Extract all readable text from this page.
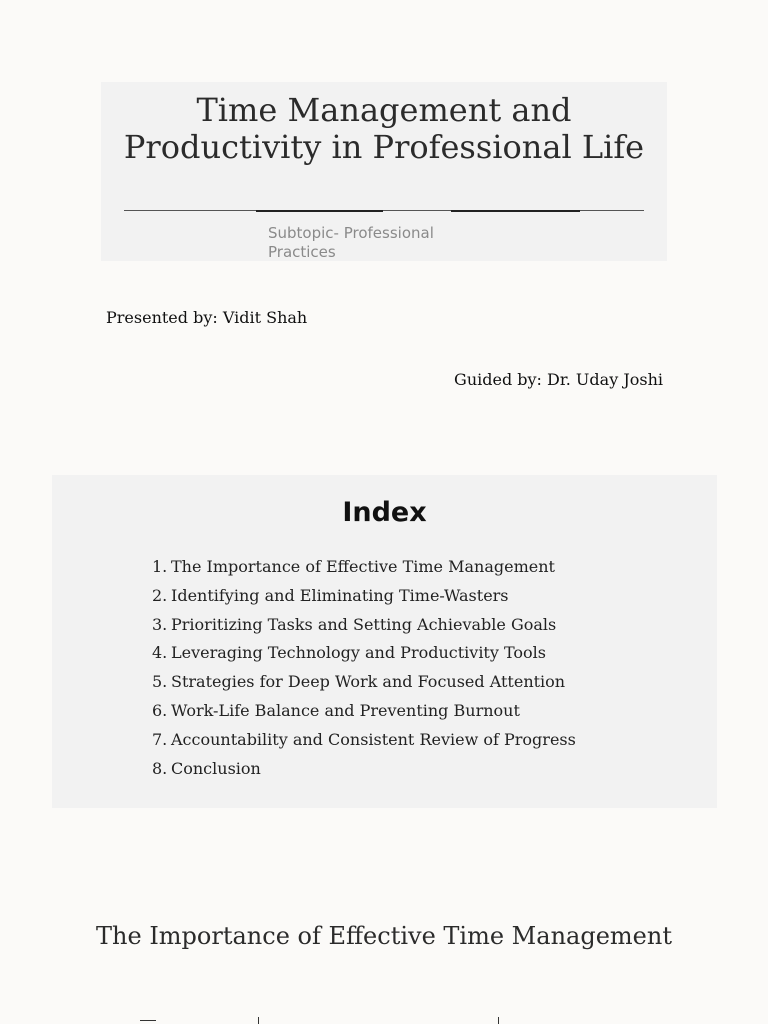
Time Management and Productivity in Professional Life
Subtopic- Professional Practices
Presented by: Vidit Shah
Guided by: Dr. Uday Joshi
Index
1. The Importance of Effective Time Management
2. Identifying and Eliminating Time-Wasters
3. Prioritizing Tasks and Setting Achievable Goals
4. Leveraging Technology and Productivity Tools
5. Strategies for Deep Work and Focused Attention
6. Work-Life Balance and Preventing Burnout
7. Accountability and Consistent Review of Progress
8. Conclusion
The Importance of Effective Time Management
